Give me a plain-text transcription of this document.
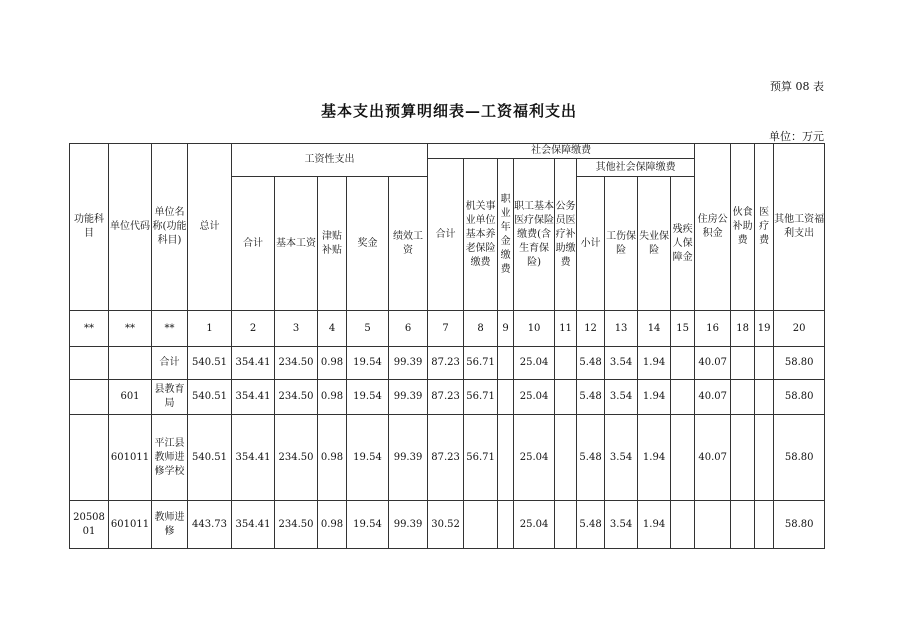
预算 08 表
基本支出预算明细表—工资福利支出
单位：万元
功能科目	单位代码	单位名称(功能科目)	总计	工资性支出					社会保障缴费									住房公积金	伙食补助费	医疗费	其他工资福利支出
									合计	机关事业单位基本养老保险缴费	职业年金缴费	职工基本医疗保险缴费(含生育保险)	公务员医疗补助缴费	其他社会保障缴费							
				合计	基本工资	津贴补贴	奖金	绩效工资						小计	工伤保险	失业保险	残疾人保障金				
**	**	**	1	2	3	4	5	6	7	8	9	10	11	12	13	14	15	16	18	19	20
		合计	540.51	354.41	234.50	0.98	19.54	99.39	87.23	56.71		25.04		5.48	3.54	1.94		40.07			58.80
	601	县教育局	540.51	354.41	234.50	0.98	19.54	99.39	87.23	56.71		25.04		5.48	3.54	1.94		40.07			58.80
	601011	平江县教师进修学校	540.51	354.41	234.50	0.98	19.54	99.39	87.23	56.71		25.04		5.48	3.54	1.94		40.07			58.80
2050801	601011	教师进修	443.73	354.41	234.50	0.98	19.54	99.39	30.52			25.04		5.48	3.54	1.94					58.80
